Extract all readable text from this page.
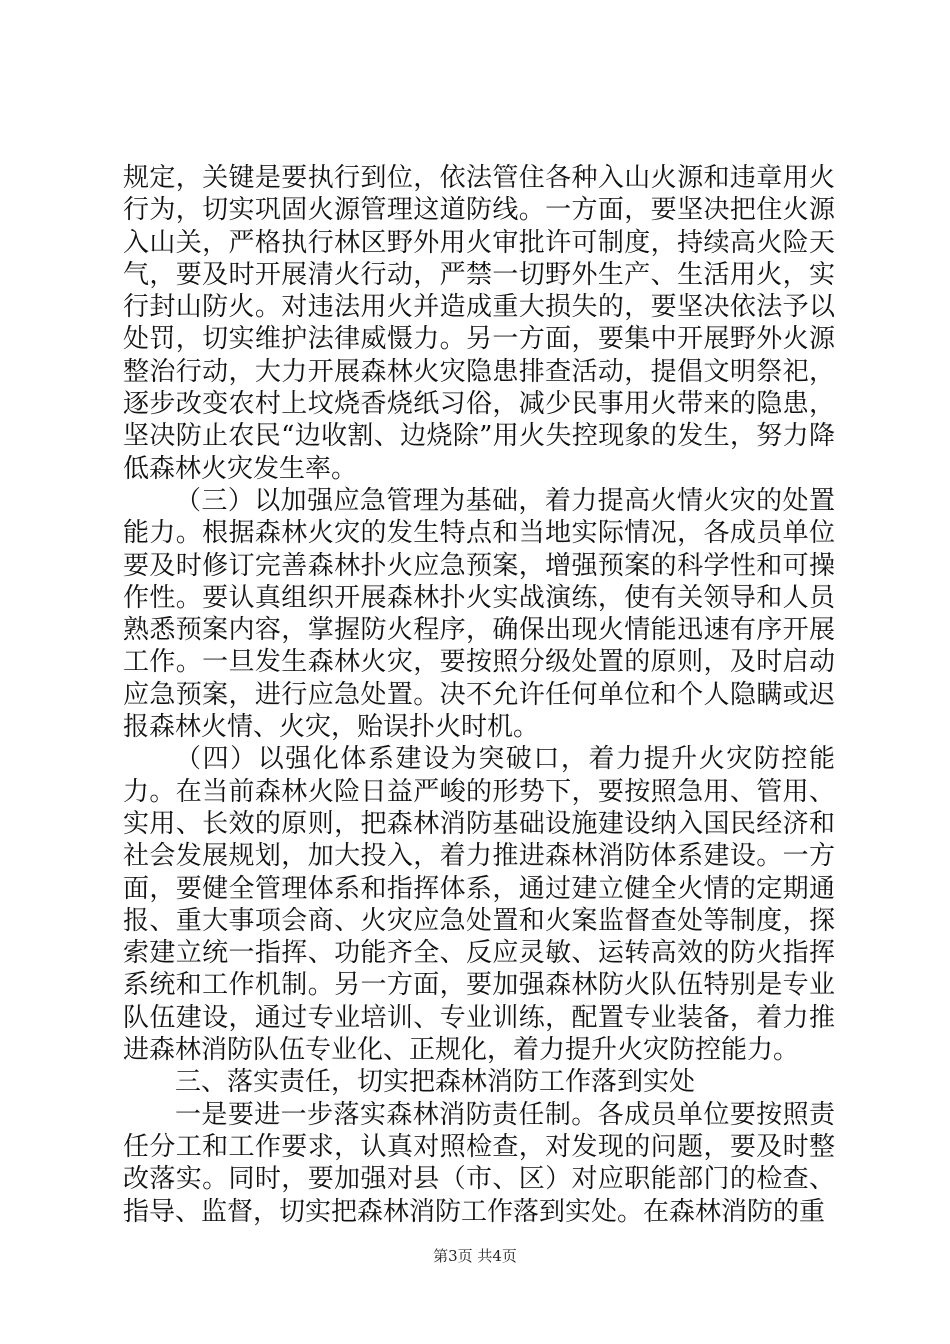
规定，关键是要执行到位，依法管住各种入山火源和违章用火行为，切实巩固火源管理这道防线。一方面，要坚决把住火源入山关，严格执行林区野外用火审批许可制度，持续高火险天气，要及时开展清火行动，严禁一切野外生产、生活用火，实行封山防火。对违法用火并造成重大损失的，要坚决依法予以处罚，切实维护法律威慑力。另一方面，要集中开展野外火源整治行动，大力开展森林火灾隐患排查活动，提倡文明祭祀，逐步改变农村上坟烧香烧纸习俗，减少民事用火带来的隐患，坚决防止农民“边收割、边烧除”用火失控现象的发生，努力降低森林火灾发生率。

（三）以加强应急管理为基础，着力提高火情火灾的处置能力。根据森林火灾的发生特点和当地实际情况，各成员单位要及时修订完善森林扑火应急预案，增强预案的科学性和可操作性。要认真组织开展森林扑火实战演练，使有关领导和人员熟悉预案内容，掌握防火程序，确保出现火情能迅速有序开展工作。一旦发生森林火灾，要按照分级处置的原则，及时启动应急预案，进行应急处置。决不允许任何单位和个人隐瞒或迟报森林火情、火灾，贻误扑火时机。

（四）以强化体系建设为突破口，着力提升火灾防控能力。在当前森林火险日益严峻的形势下，要按照急用、管用、实用、长效的原则，把森林消防基础设施建设纳入国民经济和社会发展规划，加大投入，着力推进森林消防体系建设。一方面，要健全管理体系和指挥体系，通过建立健全火情的定期通报、重大事项会商、火灾应急处置和火案监督查处等制度，探索建立统一指挥、功能齐全、反应灵敏、运转高效的防火指挥系统和工作机制。另一方面，要加强森林防火队伍特别是专业队伍建设，通过专业培训、专业训练，配置专业装备，着力推进森林消防队伍专业化、正规化，着力提升火灾防控能力。

三、落实责任，切实把森林消防工作落到实处

一是要进一步落实森林消防责任制。各成员单位要按照责任分工和工作要求，认真对照检查，对发现的问题，要及时整改落实。同时，要加强对县（市、区）对应职能部门的检查、指导、监督，切实把森林消防工作落到实处。在森林消防的重

第3页 共4页
